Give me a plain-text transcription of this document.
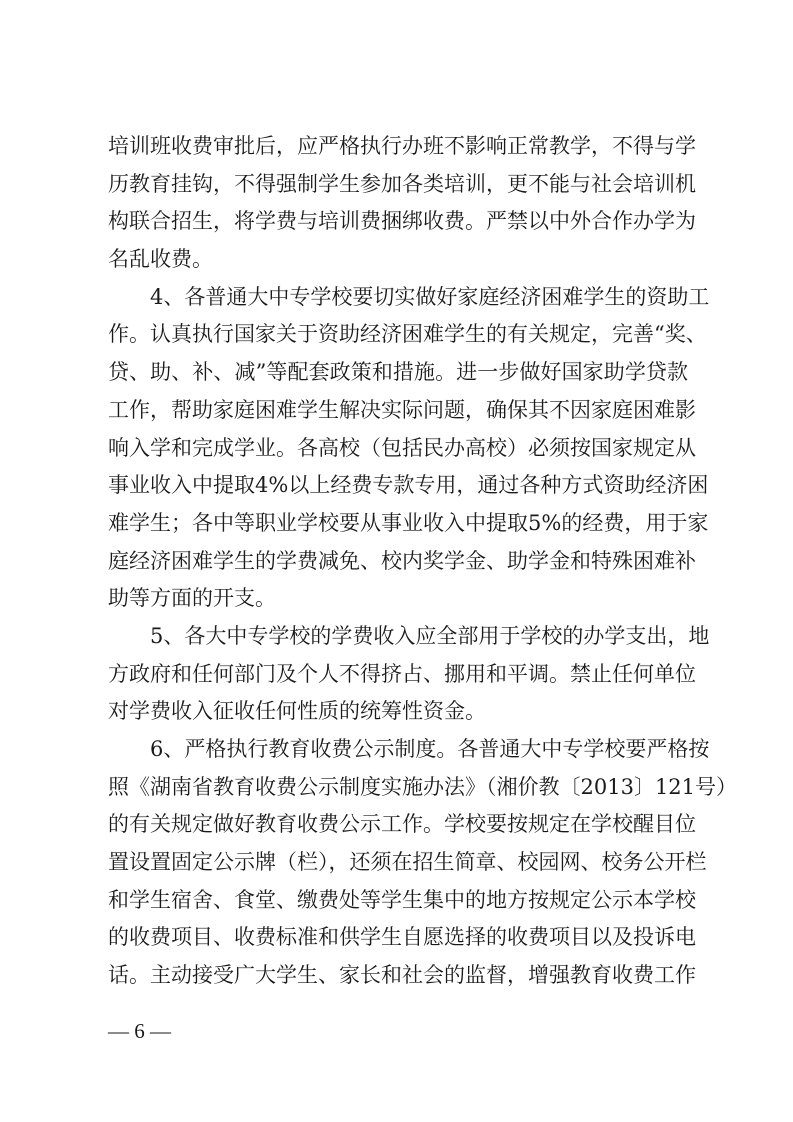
培训班收费审批后，应严格执行办班不影响正常教学，不得与学
历教育挂钩，不得强制学生参加各类培训，更不能与社会培训机
构联合招生，将学费与培训费捆绑收费。严禁以中外合作办学为
名乱收费。
4、各普通大中专学校要切实做好家庭经济困难学生的资助工
作。认真执行国家关于资助经济困难学生的有关规定，完善“奖、
贷、助、补、减”等配套政策和措施。进一步做好国家助学贷款
工作，帮助家庭困难学生解决实际问题，确保其不因家庭困难影
响入学和完成学业。各高校（包括民办高校）必须按国家规定从
事业收入中提取4%以上经费专款专用，通过各种方式资助经济困
难学生；各中等职业学校要从事业收入中提取5%的经费，用于家
庭经济困难学生的学费减免、校内奖学金、助学金和特殊困难补
助等方面的开支。
5、各大中专学校的学费收入应全部用于学校的办学支出，地
方政府和任何部门及个人不得挤占、挪用和平调。禁止任何单位
对学费收入征收任何性质的统筹性资金。
6、严格执行教育收费公示制度。各普通大中专学校要严格按
照《湖南省教育收费公示制度实施办法》（湘价教〔2013〕121号）
的有关规定做好教育收费公示工作。学校要按规定在学校醒目位
置设置固定公示牌（栏），还须在招生简章、校园网、校务公开栏
和学生宿舍、食堂、缴费处等学生集中的地方按规定公示本学校
的收费项目、收费标准和供学生自愿选择的收费项目以及投诉电
话。主动接受广大学生、家长和社会的监督，增强教育收费工作
— 6 —
